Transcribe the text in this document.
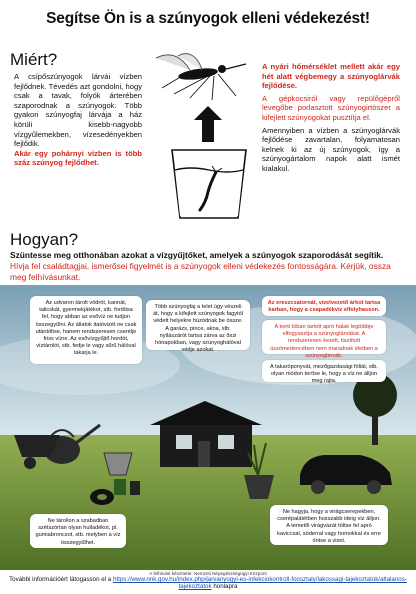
Segítse Ön is a szúnyogok elleni védekezést!
Miért?

A csípőszúnyogok lárvái vízben fejlődnek. Tévedés azt gondolni, hogy csak a tavak, folyók árterében szaporodnak a szúnyogok. Több gyakori szúnyogfaj lárvája a ház körüli kisebb-nagyobb vízgyűlemekben, vízesedényekben fejlődik.

Akár egy pohárnyi vízben is több száz szúnyog fejlődhet.

A nyári hőmérséklet mellett akár egy hét alatt végbemegy a szúnyoglárvák fejlődése.

A gépkocsiról vagy repülőgépről levegőbe porlasztott szúnyogirtószer a kifejlett szúnyogokat pusztítja el.

Amennyiben a vízben a szúnyoglárvák fejlődése zavartalan, folyamatosan kelnek ki az új szúnyogok, így a szúnyogártalom napok alatt ismét kialakul.

Hogyan?
Szüntesse meg otthonában azokat a vízgyűjtőket, amelyek a szúnyogok szaporodását segítik.
Hívja fel családtagjai, ismerősei figyelmét is a szúnyogok elleni védekezés fontosságára. Kérjük, ossza meg felhívásunkat.
Az udvaron tárolt vödröt, kannát, talicskát, gyermekjátékot, stb. fordítsa fel, hogy abban az esővíz ne tudjon összegyűlni. Az állatok itatóvizét ne csak utántöltse, hanem rendszeresen cserélje friss vízre. Az esővízgyűjtő hordót, víztárolót, stb. fedje le vagy sűrű hálóval takarja le.
Több szúnyogfaj a telet úgy vészeli át, hogy a kifejlett szúnyogok fagytól védett helyekre húzódnak be össze. A garázs, pince, akna, stb. nyílászárót tartsa zárva az őszi hónapokban, vagy szúnyoghálóval védje azokat.
Az ereszcsatornát, vízelvezető árkot tartsa karban, hogy a csapadékvíz elfolyhasson.
A kerti tóban tartott apró halak legtöbbje elfogyasztja a szúnyoglárvákat. A rendszeresen kezelt, tisztított úszómedencében nem maradnak életben a szúnyoglárvák.
A takaróponyvát, mezőgazdasági fóliát, stb. olyan módon terítse le, hogy a víz ne álljon meg rajta.
Ne tárolion a szabadban szétszórtan olyan hulladékot, pl. gumiabroncsot, stb. melyben a víz összegyűlhet.
Ne hagyja, hogy a virágcserepekben, cserépalátétben hosszabb ideig víz álljon. A temetői virágvázát töltse fel apró kaviccsal, sóderral vagy homokkal és erre öntse a vizet.
A felhívást készítette: Nemzeti Népegészségügyi Központ
További információért látogasson el a https://www.nnk.gov.hu/index.php/jarvanyugyi-es-infekciokontroll-foosztaly/lakossagi-tajekoztatok/altalanos-tajekoztatok honlapra
